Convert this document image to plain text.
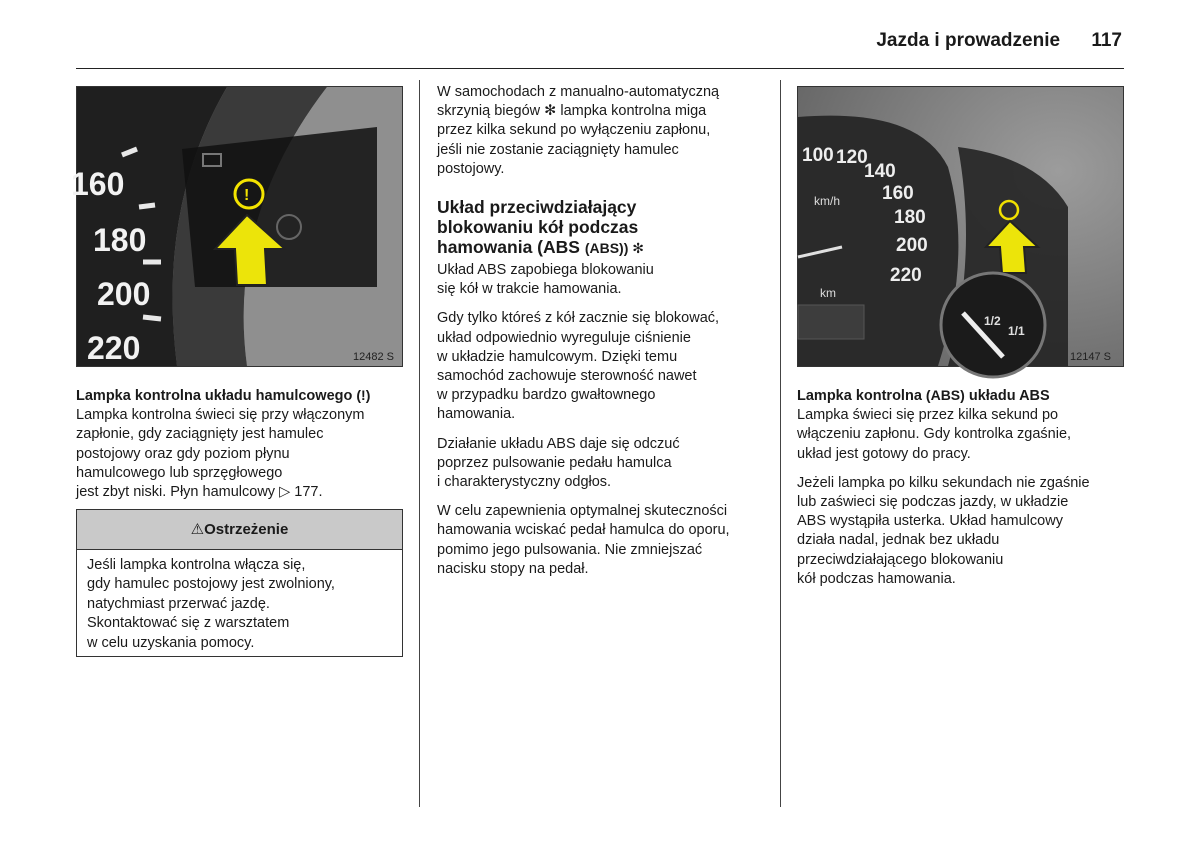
Jazda i prowadzenie 117
160
180
200
220
!
12482 S
Lampka kontrolna układu hamulcowego (!)

Lampka kontrolna świeci się przy włączonym
zapłonie, gdy zaciągnięty jest hamulec
postojowy oraz gdy poziom płynu
hamulcowego lub sprzęgłowego
jest zbyt niski. Płyn hamulcowy ▷ 177.

⚠Ostrzeżenie
Jeśli lampka kontrolna włącza się,
gdy hamulec postojowy jest zwolniony,
natychmiast przerwać jazdę.
Skontaktować się z warsztatem
w celu uzyskania pomocy.

W samochodach z manualno-automatyczną
skrzynią biegów ✻ lampka kontrolna miga
przez kilka sekund po wyłączeniu zapłonu,
jeśli nie zostanie zaciągnięty hamulec
postojowy.

Układ przeciwdziałający
blokowaniu kół podczas
hamowania (ABS (ABS)) ✻

Układ ABS zapobiega blokowaniu
się kół w trakcie hamowania.

Gdy tylko któreś z kół zacznie się blokować,
układ odpowiednio wyreguluje ciśnienie
w układzie hamulcowym. Dzięki temu
samochód zachowuje sterowność nawet
w przypadku bardzo gwałtownego
hamowania.

Działanie układu ABS daje się odczuć
poprzez pulsowanie pedału hamulca
i charakterystyczny odgłos.

W celu zapewnienia optymalnej skuteczności
hamowania wciskać pedał hamulca do oporu,
pomimo jego pulsowania. Nie zmniejszać
nacisku stopy na pedał.

100 120
140
160
180
200
220
km/h
km
1/2
1/1
12147 S
Lampka kontrolna (ABS) układu ABS

Lampka świeci się przez kilka sekund po
włączeniu zapłonu. Gdy kontrolka zgaśnie,
układ jest gotowy do pracy.

Jeżeli lampka po kilku sekundach nie zgaśnie
lub zaświeci się podczas jazdy, w układzie
ABS wystąpiła usterka. Układ hamulcowy
działa nadal, jednak bez układu
przeciwdziałającego blokowaniu
kół podczas hamowania.
